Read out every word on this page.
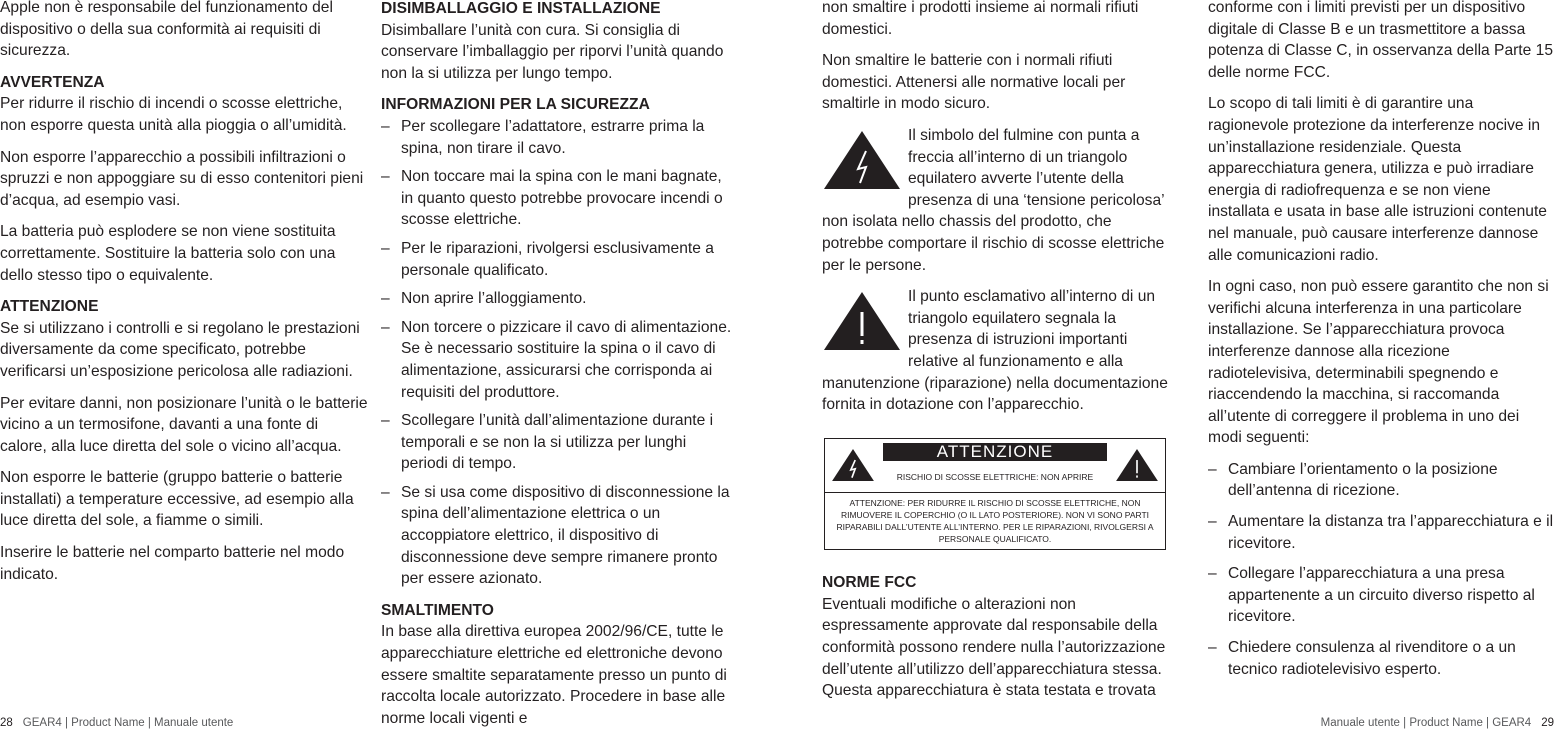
Apple non è responsabile del funzionamento del dispositivo o della sua conformità ai requisiti di sicurezza.

AVVERTENZA

Per ridurre il rischio di incendi o scosse elettriche, non esporre questa unità alla pioggia o all’umidità.

Non esporre l’apparecchio a possibili infiltrazioni o spruzzi e non appoggiare su di esso contenitori pieni d’acqua, ad esempio vasi.

La batteria può esplodere se non viene sostituita correttamente. Sostituire la batteria solo con una dello stesso tipo o equivalente.

ATTENZIONE

Se si utilizzano i controlli e si regolano le prestazioni diversamente da come specificato, potrebbe verificarsi un’esposizione pericolosa alle radiazioni.

Per evitare danni, non posizionare l’unità o le batterie vicino a un termosifone, davanti a una fonte di calore, alla luce diretta del sole o vicino all’acqua.

Non esporre le batterie (gruppo batterie o batterie installati) a temperature eccessive, ad esempio alla luce diretta del sole, a fiamme o simili.

Inserire le batterie nel comparto batterie nel modo indicato.

DISIMBALLAGGIO E INSTALLAZIONE

Disimballare l’unità con cura. Si consiglia di conservare l’imballaggio per riporvi l’unità quando non la si utilizza per lungo tempo.

INFORMAZIONI PER LA SICUREZZA
– Per scollegare l’adattatore, estrarre prima la spina, non tirare il cavo.
– Non toccare mai la spina con le mani bagnate, in quanto questo potrebbe provocare incendi o scosse elettriche.
– Per le riparazioni, rivolgersi esclusivamente a personale qualificato.
– Non aprire l’alloggiamento.
– Non torcere o pizzicare il cavo di alimentazione. Se è necessario sostituire la spina o il cavo di alimentazione, assicurarsi che corrisponda ai requisiti del produttore.
– Scollegare l’unità dall’alimentazione durante i temporali e se non la si utilizza per lunghi periodi di tempo.
– Se si usa come dispositivo di disconnessione la spina dell’alimentazione elettrica o un accoppiatore elettrico, il dispositivo di disconnessione deve sempre rimanere pronto per essere azionato.
SMALTIMENTO

In base alla direttiva europea 2002/96/CE, tutte le apparecchiature elettriche ed elettroniche devono essere smaltite separatamente presso un punto di raccolta locale autorizzato. Procedere in base alle norme locali vigenti e

non smaltire i prodotti insieme ai normali rifiuti domestici.

Non smaltire le batterie con i normali rifiuti domestici. Attenersi alle normative locali per smaltirle in modo sicuro.

Il simbolo del fulmine con punta a freccia all’interno di un triangolo equilatero avverte l’utente della presenza di una ‘tensione pericolosa’ non isolata nello chassis del prodotto, che potrebbe comportare il rischio di scosse elettriche per le persone.

Il punto esclamativo all’interno di un triangolo equilatero segnala la presenza di istruzioni importanti relative al funzionamento e alla manutenzione (riparazione) nella documentazione fornita in dotazione con l’apparecchio.

ATTENZIONE
RISCHIO DI SCOSSE ELETTRICHE: NON APRIRE
ATTENZIONE: PER RIDURRE IL RISCHIO DI SCOSSE ELETTRICHE, NON RIMUOVERE IL COPERCHIO (O IL LATO POSTERIORE). NON VI SONO PARTI RIPARABILI DALL’UTENTE ALL’INTERNO. PER LE RIPARAZIONI, RIVOLGERSI A PERSONALE QUALIFICATO.
NORME FCC

Eventuali modifiche o alterazioni non espressamente approvate dal responsabile della conformità possono rendere nulla l’autorizzazione dell’utente all’utilizzo dell’apparecchiatura stessa. Questa apparecchiatura è stata testata e trovata

conforme con i limiti previsti per un dispositivo digitale di Classe B e un trasmettitore a bassa potenza di Classe C, in osservanza della Parte 15 delle norme FCC.

Lo scopo di tali limiti è di garantire una ragionevole protezione da interferenze nocive in un’installazione residenziale. Questa apparecchiatura genera, utilizza e può irradiare energia di radiofrequenza e se non viene installata e usata in base alle istruzioni contenute nel manuale, può causare interferenze dannose alle comunicazioni radio.

In ogni caso, non può essere garantito che non si verifichi alcuna interferenza in una particolare installazione. Se l’apparecchiatura provoca interferenze dannose alla ricezione radiotelevisiva, determinabili spegnendo e riaccendendo la macchina, si raccomanda all’utente di correggere il problema in uno dei modi seguenti:

– Cambiare l’orientamento o la posizione dell’antenna di ricezione.
– Aumentare la distanza tra l’apparecchiatura e il ricevitore.
– Collegare l’apparecchiatura a una presa appartenente a un circuito diverso rispetto al ricevitore.
– Chiedere consulenza al rivenditore o a un tecnico radiotelevisivo esperto.
28 GEAR4 | Product Name | Manuale utente	Manuale utente | Product Name | GEAR4 29
